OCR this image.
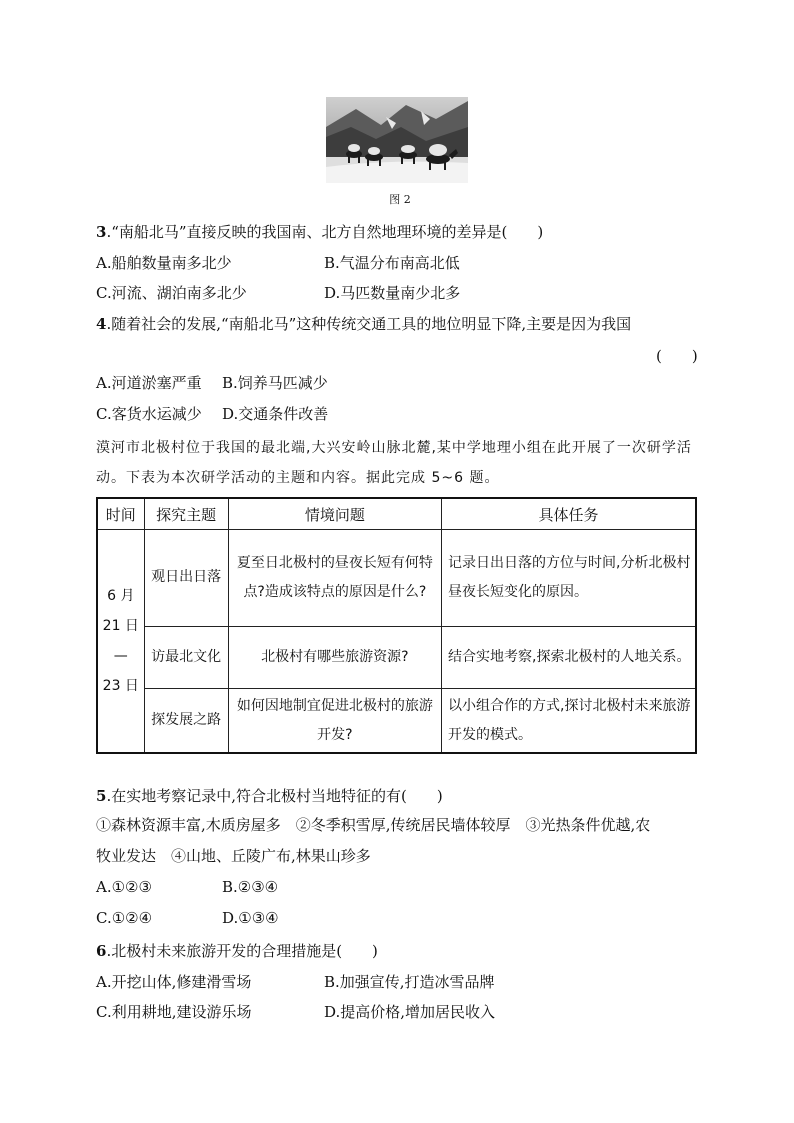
图 2
3.“南船北马”直接反映的我国南、北方自然地理环境的差异是(　　)
A.船舶数量南多北少	B.气温分布南高北低
C.河流、湖泊南多北少	D.马匹数量南少北多
4.随着社会的发展,“南船北马”这种传统交通工具的地位明显下降,主要是因为我国
(　　)
A.河道淤塞严重 B.饲养马匹减少
C.客货水运减少 D.交通条件改善
漠河市北极村位于我国的最北端,大兴安岭山脉北麓,某中学地理小组在此开展了一次研学活动。下表为本次研学活动的主题和内容。据此完成 5~6 题。
时间	探究主题	情境问题	具体任务

6 月
21 日
—
23 日	观日出日落	夏至日北极村的昼夜长短有何特点?造成该特点的原因是什么?	记录日出日落的方位与时间,分析北极村昼夜长短变化的原因。
	访最北文化	北极村有哪些旅游资源?	结合实地考察,探索北极村的人地关系。
	探发展之路	如何因地制宜促进北极村的旅游开发?	以小组合作的方式,探讨北极村未来旅游开发的模式。
5.在实地考察记录中,符合北极村当地特征的有(　　)
①森林资源丰富,木质房屋多　②冬季积雪厚,传统居民墙体较厚　③光热条件优越,农
牧业发达　④山地、丘陵广布,林果山珍多
A.①②③	B.②③④
C.①②④	D.①③④
6.北极村未来旅游开发的合理措施是(　　)
A.开挖山体,修建滑雪场	B.加强宣传,打造冰雪品牌
C.利用耕地,建设游乐场	D.提高价格,增加居民收入
